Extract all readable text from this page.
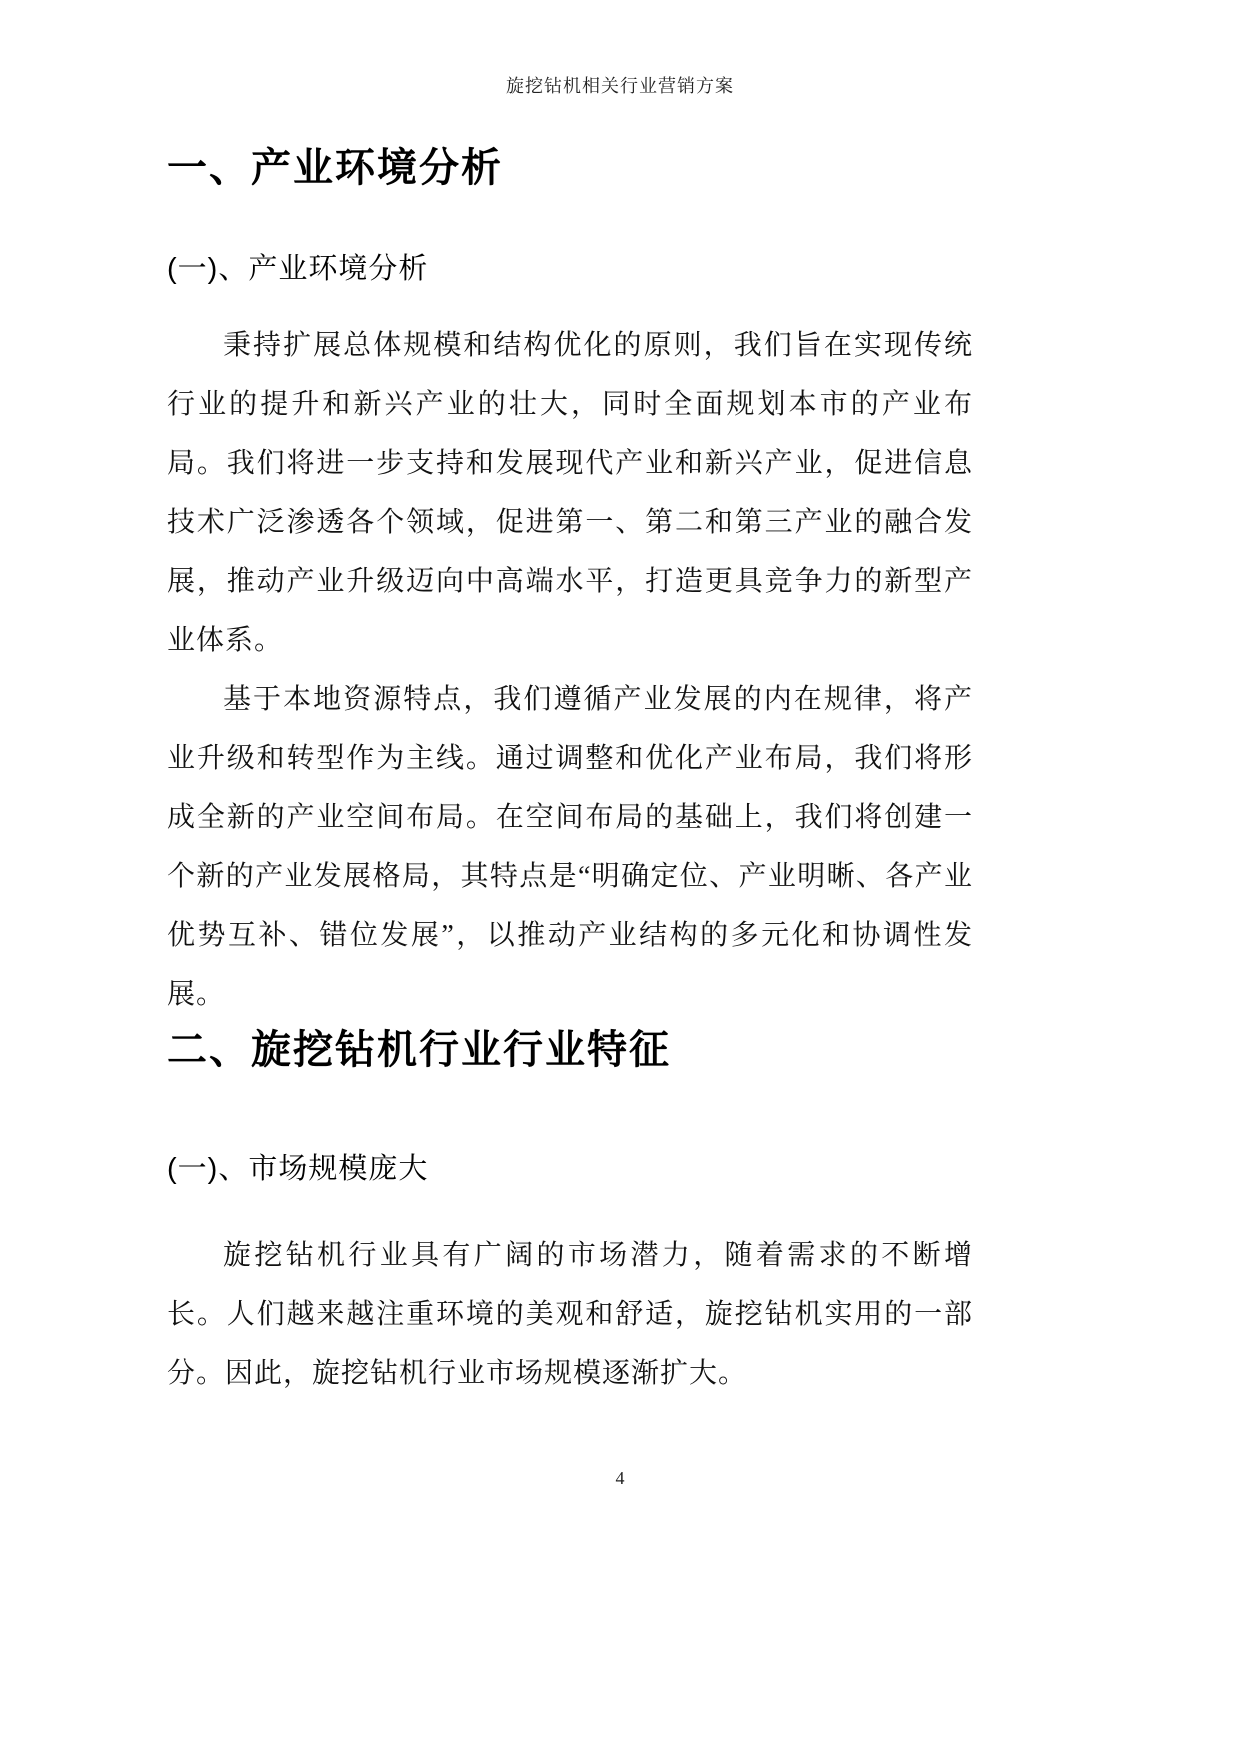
旋挖钻机相关行业营销方案
一、产业环境分析
(一)、产业环境分析

秉持扩展总体规模和结构优化的原则，我们旨在实现传统行业的提升和新兴产业的壮大，同时全面规划本市的产业布局。我们将进一步支持和发展现代产业和新兴产业，促进信息技术广泛渗透各个领域，促进第一、第二和第三产业的融合发展，推动产业升级迈向中高端水平，打造更具竞争力的新型产业体系。

基于本地资源特点，我们遵循产业发展的内在规律，将产业升级和转型作为主线。通过调整和优化产业布局，我们将形成全新的产业空间布局。在空间布局的基础上，我们将创建一个新的产业发展格局，其特点是“明确定位、产业明晰、各产业优势互补、错位发展”，以推动产业结构的多元化和协调性发展。

二、旋挖钻机行业行业特征
(一)、市场规模庞大

旋挖钻机行业具有广阔的市场潜力，随着需求的不断增长。人们越来越注重环境的美观和舒适，旋挖钻机实用的一部分。因此，旋挖钻机行业市场规模逐渐扩大。

4
